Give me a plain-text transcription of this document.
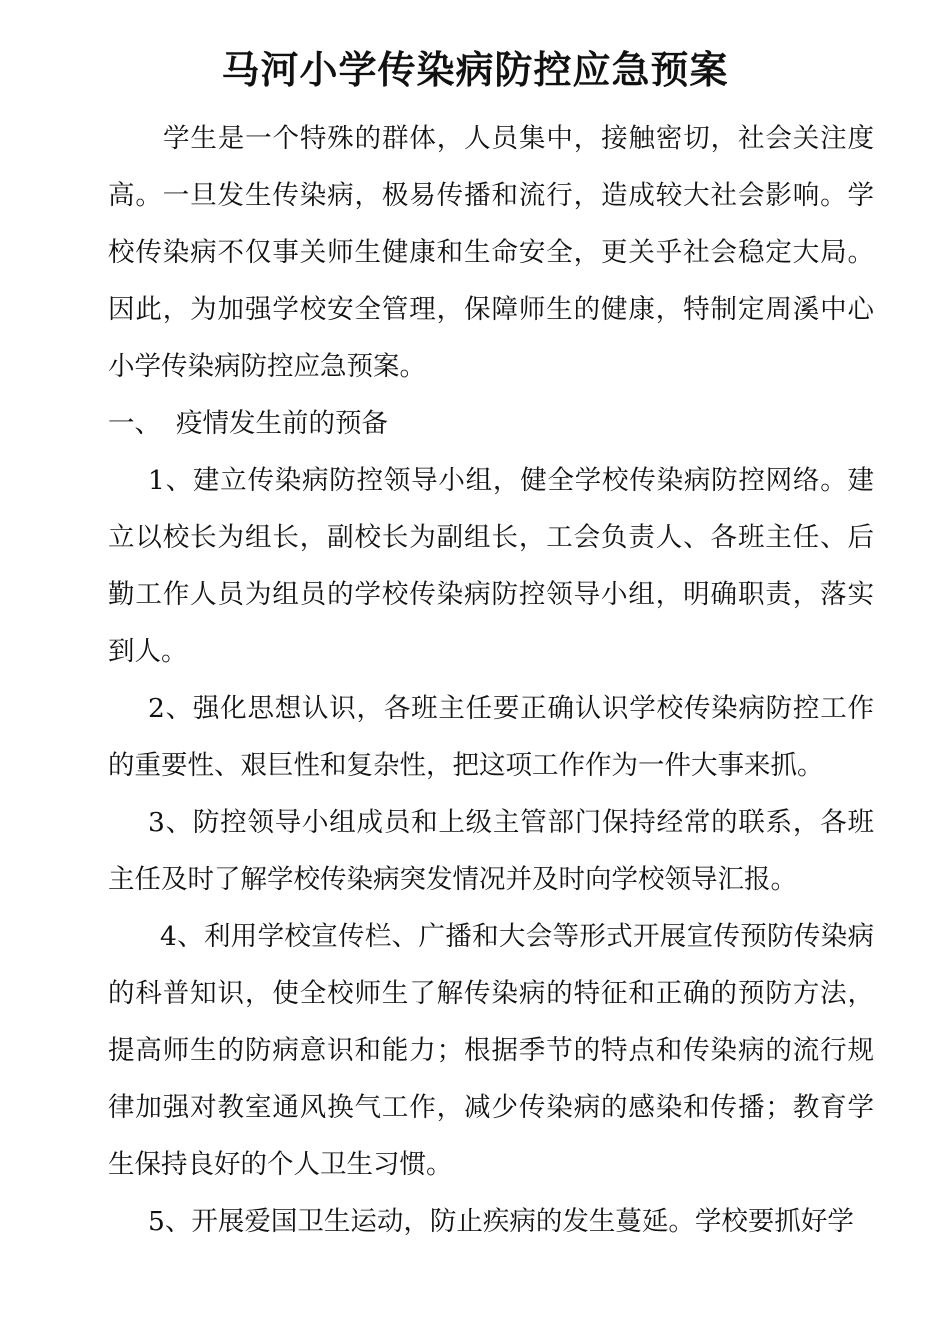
马河小学传染病防控应急预案

学生是一个特殊的群体，人员集中，接触密切，社会关注度高。一旦发生传染病，极易传播和流行，造成较大社会影响。学校传染病不仅事关师生健康和生命安全，更关乎社会稳定大局。因此，为加强学校安全管理，保障师生的健康，特制定周溪中心小学传染病防控应急预案。

一、 疫情发生前的预备

1、建立传染病防控领导小组，健全学校传染病防控网络。建立以校长为组长，副校长为副组长，工会负责人、各班主任、后勤工作人员为组员的学校传染病防控领导小组，明确职责，落实到人。

2、强化思想认识，各班主任要正确认识学校传染病防控工作的重要性、艰巨性和复杂性，把这项工作作为一件大事来抓。

3、防控领导小组成员和上级主管部门保持经常的联系，各班主任及时了解学校传染病突发情况并及时向学校领导汇报。

4、利用学校宣传栏、广播和大会等形式开展宣传预防传染病的科普知识，使全校师生了解传染病的特征和正确的预防方法，提高师生的防病意识和能力；根据季节的特点和传染病的流行规律加强对教室通风换气工作，减少传染病的感染和传播；教育学生保持良好的个人卫生习惯。

5、开展爱国卫生运动，防止疾病的发生蔓延。学校要抓好学
